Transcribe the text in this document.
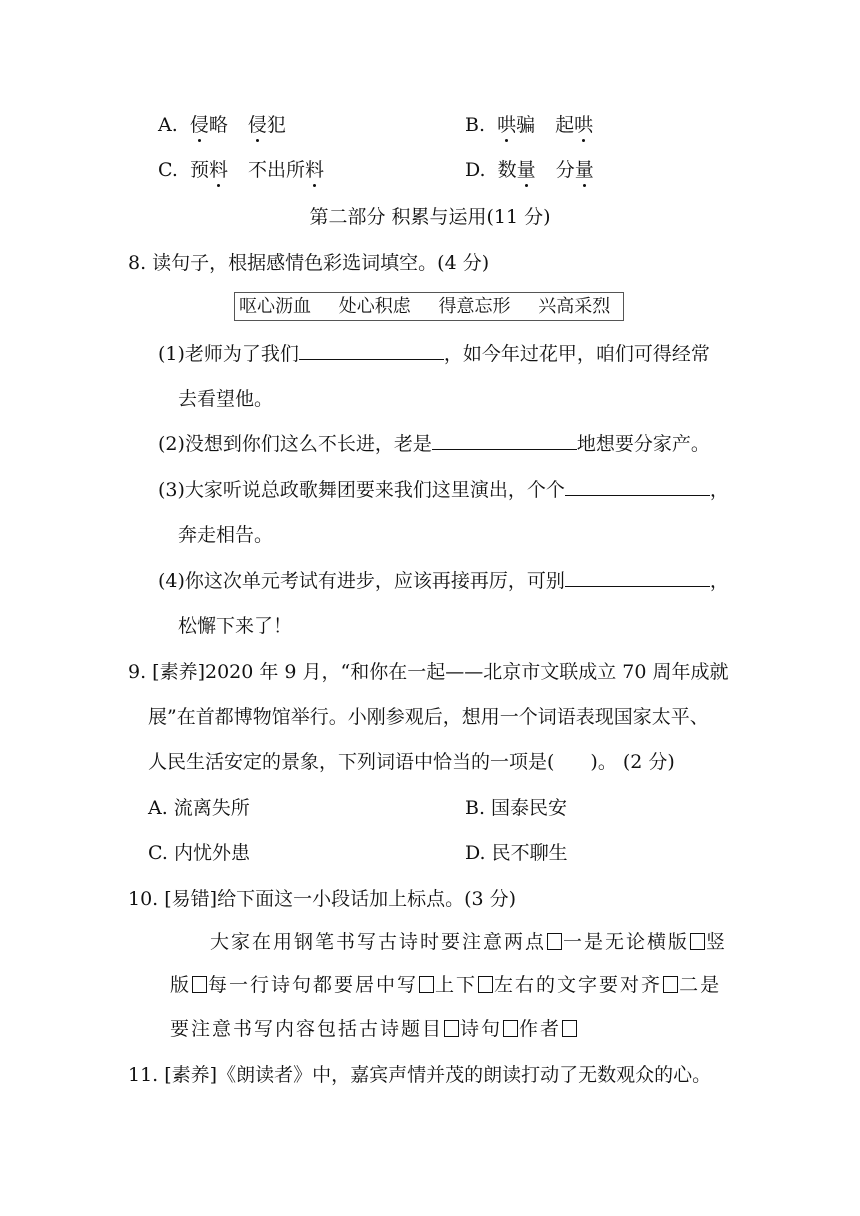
A. 侵略 侵犯	B. 哄骗 起哄
C. 预料 不出所料	D. 数量 分量
第二部分 积累与运用(11 分)
8. 读句子，根据感情色彩选词填空。(4 分)
呕心沥血 处心积虑 得意忘形 兴高采烈
(1)老师为了我们	，如今年过花甲，咱们可得经常
去看望他。
(2)没想到你们这么不长进，老是	地想要分家产。
(3)大家听说总政歌舞团要来我们这里演出，个个	，
奔走相告。
(4)你这次单元考试有进步，应该再接再厉，可别	，
松懈下来了！
9. [素养]2020 年 9 月，“和你在一起——北京市文联成立 70 周年成就
展”在首都博物馆举行。小刚参观后，想用一个词语表现国家太平、
人民生活安定的景象，下列词语中恰当的一项是( )。 (2 分)
A. 流离失所	B. 国泰民安
C. 内忧外患	D. 民不聊生
10. [易错]给下面这一小段话加上标点。(3 分)
大家在用钢笔书写古诗时要注意两点 一是无论横版 竖
版 每一行诗句都要居中写 上下 左右的文字要对齐 二是
要注意书写内容包括古诗题目 诗句 作者
11. [素养]《朗读者》中，嘉宾声情并茂的朗读打动了无数观众的心。
